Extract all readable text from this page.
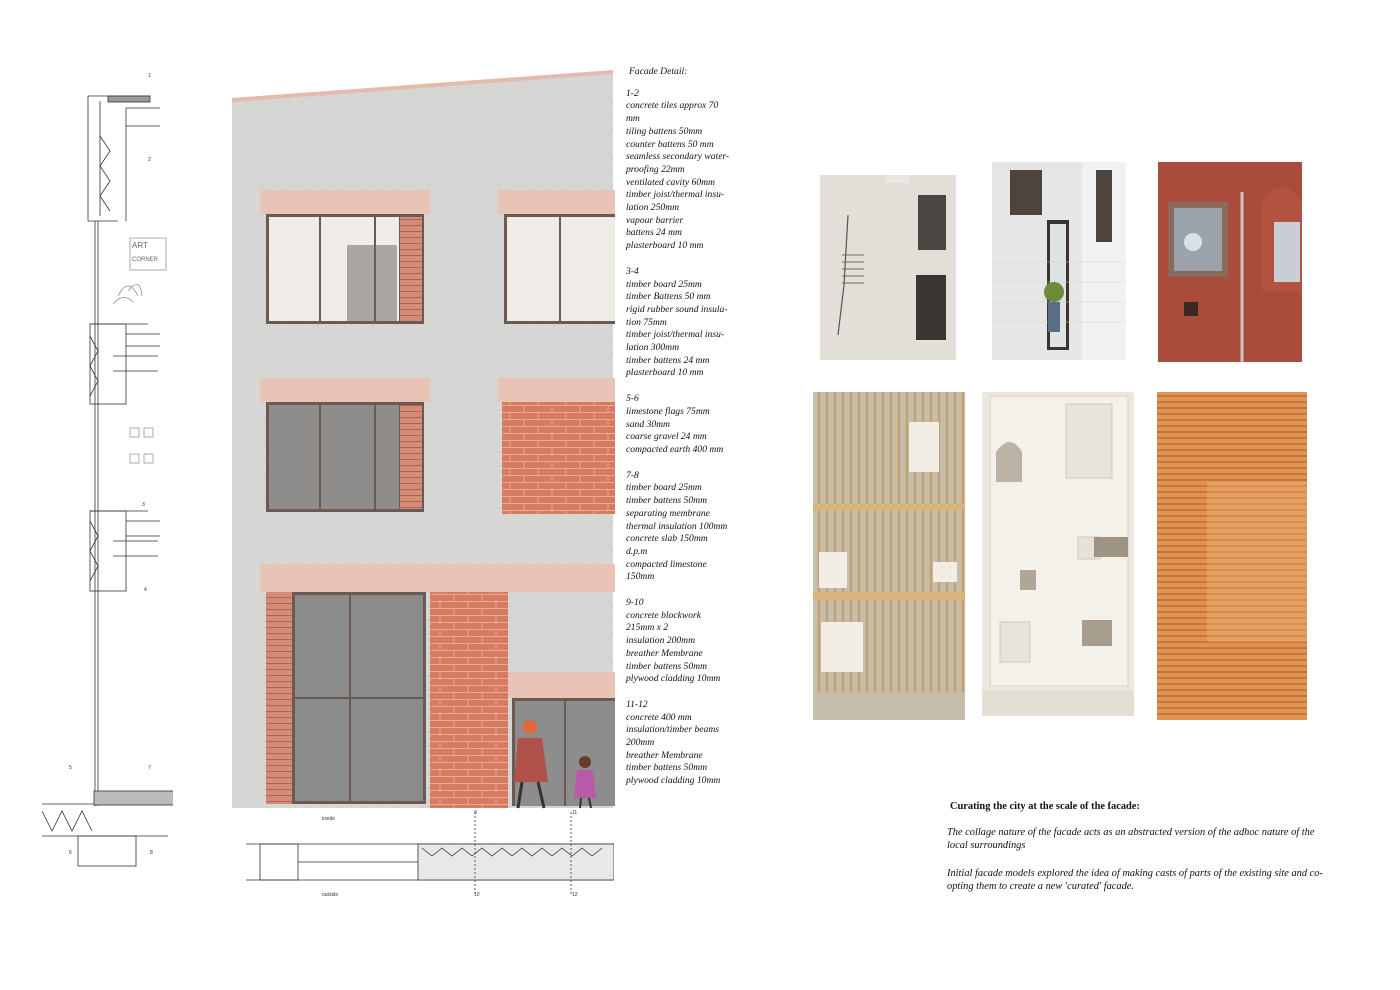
ART
CORNER
1
2
3
4
5
6
7
8
inside
outside
9
10
11
12
Facade Detail:
1-2
concrete tiles approx 70
mm
tiling battens 50mm
counter battens 50 mm
seamless secondary water-
proofing 22mm
ventilated cavity 60mm
timber joist/thermal insu-
lation 250mm
vapour barrier
battens 24 mm
plasterboard 10 mm
3-4
timber board 25mm
timber Battens 50 mm
rigid rubber sound insula-
tion 75mm
timber joist/thermal insu-
lation 300mm
timber battens 24 mm
plasterboard 10 mm
5-6
limestone flags 75mm
sand 30mm
coarse gravel 24 mm
compacted earth 400 mm
7-8
timber board 25mm
timber battens 50mm
separating membrane
thermal insulation 100mm
concrete slab 150mm
d.p.m
compacted limestone
150mm
9-10
concrete blockwork
215mm x 2
insulation 200mm
breather Membrane
timber battens 50mm
plywood cladding 10mm
11-12
concrete 400 mm
insulation/timber beams
200mm
breather Membrane
timber battens 50mm
plywood cladding 10mm
Curating the city at the scale of the facade:
The collage nature of the facade acts as an abstracted version of the adhoc nature of the local surroundings
Initial facade models explored the idea of making casts of parts of the existing site and co-opting them to create a new 'curated' facade.
